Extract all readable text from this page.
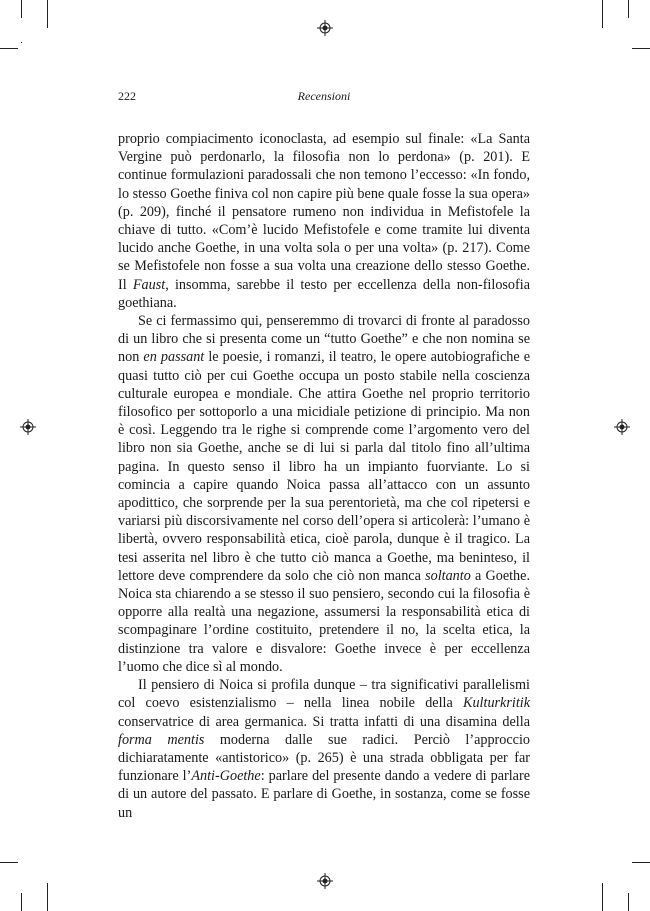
222	Recensioni

proprio compiacimento iconoclasta, ad esempio sul finale: «La Santa Vergine può perdonarlo, la filosofia non lo perdona» (p. 201). E continue formulazioni paradossali che non temono l’eccesso: «In fondo, lo stesso Goethe finiva col non capire più bene quale fosse la sua opera» (p. 209), finché il pensatore rumeno non individua in Mefistofele la chiave di tutto. «Com’è lucido Mefistofele e come tramite lui diventa lucido anche Goethe, in una volta sola o per una volta» (p. 217). Come se Mefistofele non fosse a sua volta una creazione dello stesso Goethe. Il Faust, insomma, sarebbe il testo per eccellenza della non-filosofia goethiana.

Se ci fermassimo qui, penseremmo di trovarci di fronte al paradosso di un libro che si presenta come un “tutto Goethe” e che non nomina se non en passant le poesie, i romanzi, il teatro, le opere autobiografiche e quasi tutto ciò per cui Goethe occupa un posto stabile nella coscienza culturale europea e mondiale. Che attira Goethe nel proprio territorio filosofico per sottoporlo a una micidiale petizione di principio. Ma non è così. Leggendo tra le righe si comprende come l’argomento vero del libro non sia Goethe, anche se di lui si parla dal titolo fino all’ultima pagina. In questo senso il libro ha un impianto fuorviante. Lo si comincia a capire quando Noica passa all’attacco con un assunto apodittico, che sorprende per la sua perentorietà, ma che col ripetersi e variarsi più discorsivamente nel corso dell’opera si articolerà: l’umano è libertà, ovvero responsabilità etica, cioè parola, dunque è il tragico. La tesi asserita nel libro è che tutto ciò manca a Goethe, ma beninteso, il lettore deve comprendere da solo che ciò non manca soltanto a Goethe. Noica sta chiarendo a se stesso il suo pensiero, secondo cui la filosofia è opporre alla realtà una negazione, assumersi la responsabilità etica di scompaginare l’ordine costituito, pretendere il no, la scelta etica, la distinzione tra valore e disvalore: Goethe invece è per eccellenza l’uomo che dice sì al mondo.

Il pensiero di Noica si profila dunque – tra significativi parallelismi col coevo esistenzialismo – nella linea nobile della Kulturkritik conservatrice di area germanica. Si tratta infatti di una disamina della forma mentis moderna dalle sue radici. Perciò l’approccio dichiaratamente «antistorico» (p. 265) è una strada obbligata per far funzionare l’Anti-Goethe: parlare del presente dando a vedere di parlare di un autore del passato. E parlare di Goethe, in sostanza, come se fosse un
